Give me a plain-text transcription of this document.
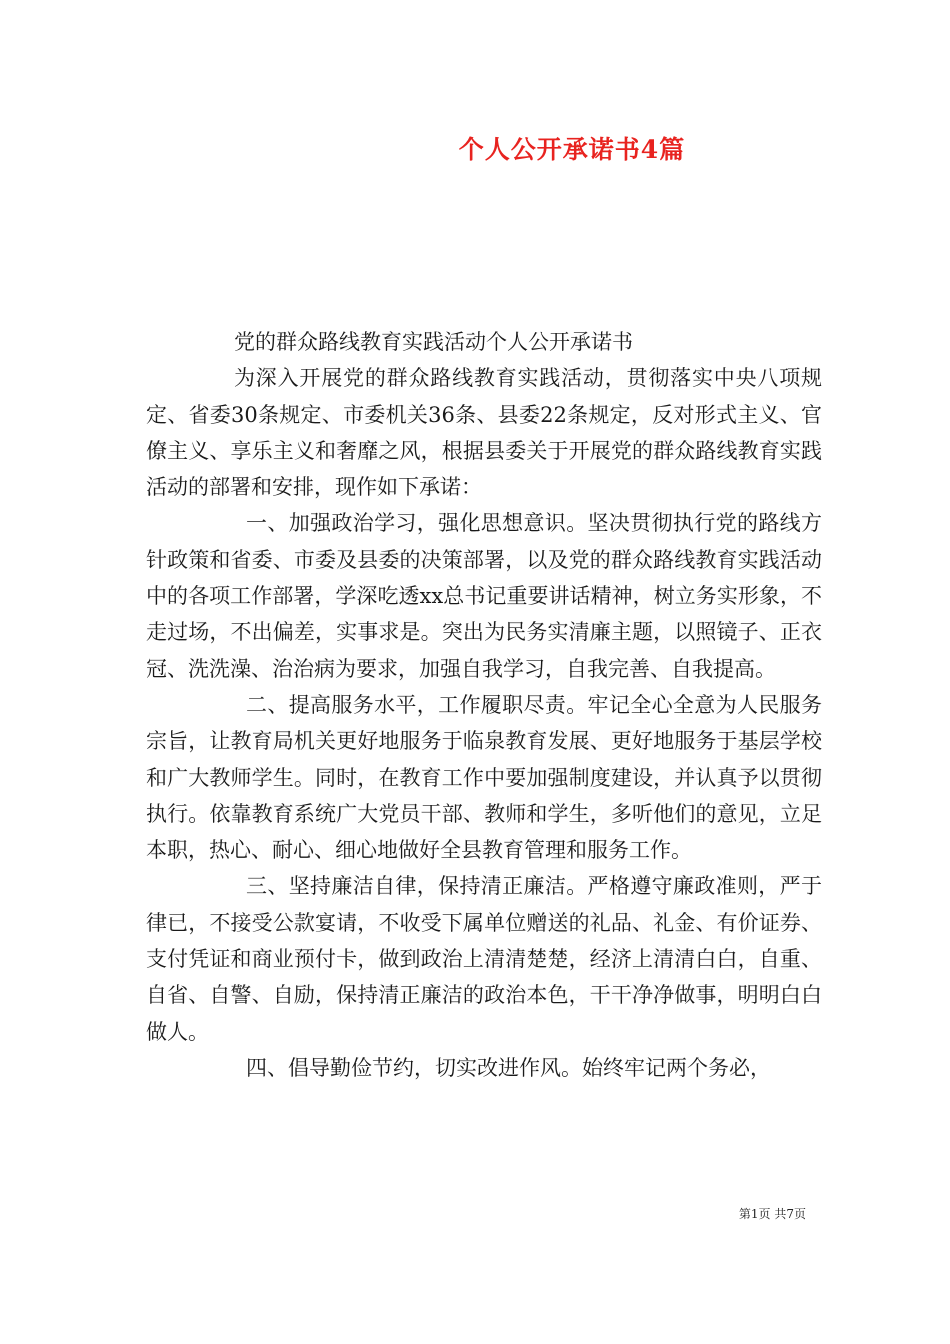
个人公开承诺书4篇
党的群众路线教育实践活动个人公开承诺书
为深入开展党的群众路线教育实践活动，贯彻落实中央八项规定、省委30条规定、市委机关36条、县委22条规定，反对形式主义、官僚主义、享乐主义和奢靡之风，根据县委关于开展党的群众路线教育实践活动的部署和安排，现作如下承诺：
一、加强政治学习，强化思想意识。坚决贯彻执行党的路线方针政策和省委、市委及县委的决策部署，以及党的群众路线教育实践活动中的各项工作部署，学深吃透xx总书记重要讲话精神，树立务实形象，不走过场，不出偏差，实事求是。突出为民务实清廉主题，以照镜子、正衣冠、洗洗澡、治治病为要求，加强自我学习，自我完善、自我提高。
二、提高服务水平，工作履职尽责。牢记全心全意为人民服务宗旨，让教育局机关更好地服务于临泉教育发展、更好地服务于基层学校和广大教师学生。同时，在教育工作中要加强制度建设，并认真予以贯彻执行。依靠教育系统广大党员干部、教师和学生，多听他们的意见，立足本职，热心、耐心、细心地做好全县教育管理和服务工作。
三、坚持廉洁自律，保持清正廉洁。严格遵守廉政准则，严于律已，不接受公款宴请，不收受下属单位赠送的礼品、礼金、有价证券、支付凭证和商业预付卡，做到政治上清清楚楚，经济上清清白白，自重、自省、自警、自励，保持清正廉洁的政治本色，干干净净做事，明明白白做人。
四、倡导勤俭节约，切实改进作风。始终牢记两个务必，
第1页 共7页
